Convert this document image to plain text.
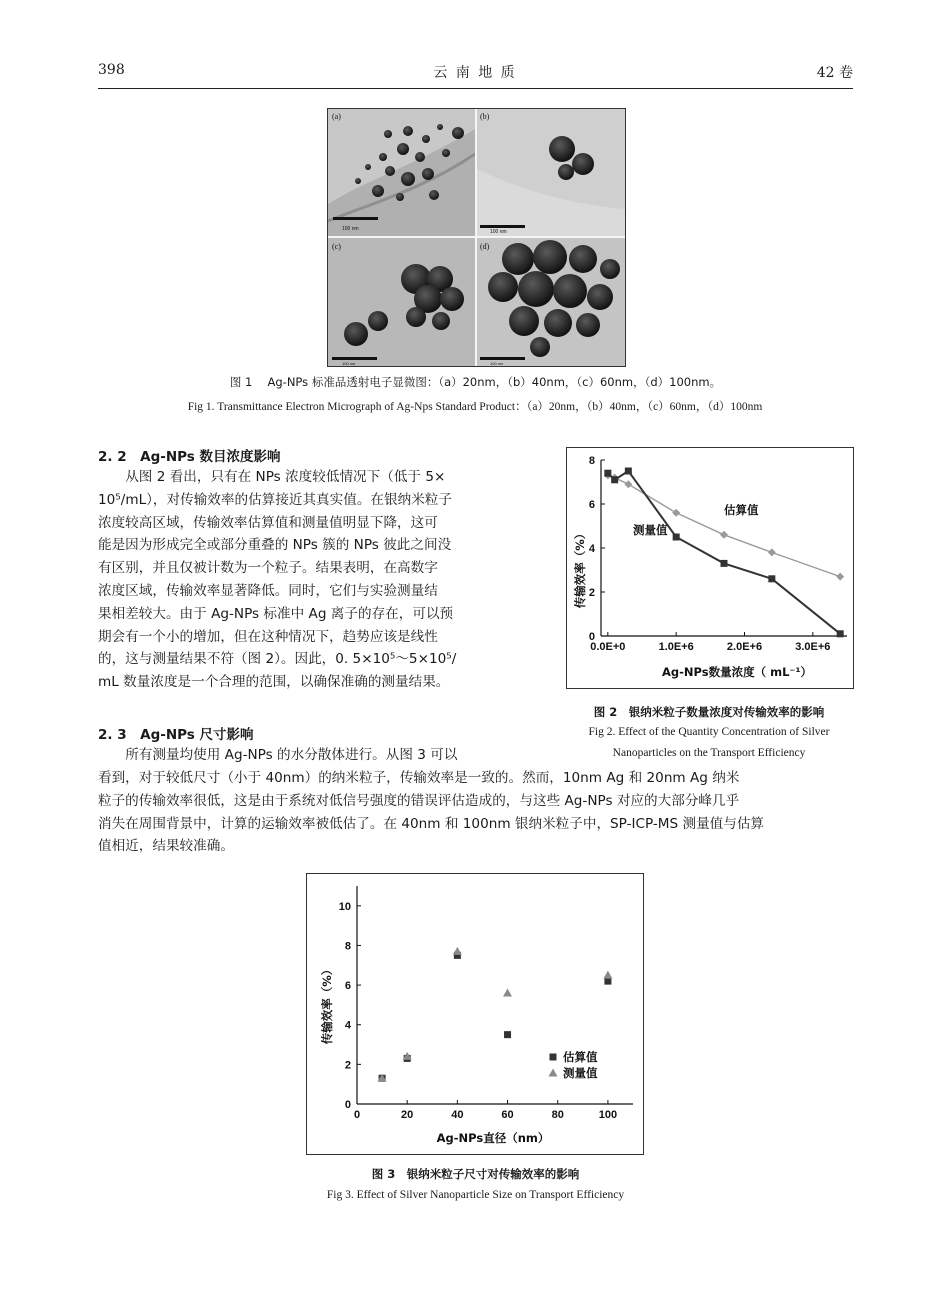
398	云 南 地 质	42 卷
100 nm
(a)
100 nm
(b)
100 nm
(c)
100 nm
(d)
图 1　 Ag-NPs 标准品透射电子显微图：（a）20nm，（b）40nm，（c）60nm，（d）100nm。
Fig 1. Transmittance Electron Micrograph of Ag-Nps Standard Product：（a）20nm，（b）40nm，（c）60nm，（d）100nm
2. 2　Ag-NPs 数目浓度影响
从图 2 看出，只有在 NPs 浓度较低情况下（低于 5×
10⁵/mL），对传输效率的估算接近其真实值。在银纳米粒子
浓度较高区域，传输效率估算值和测量值明显下降，这可
能是因为形成完全或部分重叠的 NPs 簇的 NPs 彼此之间没
有区别，并且仅被计数为一个粒子。结果表明，在高数字
浓度区域，传输效率显著降低。同时，它们与实验测量结
果相差较大。由于 Ag-NPs 标准中 Ag 离子的存在，可以预
期会有一个小的增加，但在这种情况下，趋势应该是线性
的，这与测量结果不符（图 2）。因此，0. 5×10⁵～5×10⁵/
mL 数量浓度是一个合理的范围，以确保准确的测量结果。
传输效率（%）
Ag-NPs数量浓度（ mL⁻¹）
估算值
测量值
0
2
4
6
8
0.0E+0	1.0E+6	2.0E+6	3.0E+6
图 2　银纳米粒子数量浓度对传输效率的影响
Fig 2. Effect of the Quantity Concentration of Silver
Nanoparticles on the Transport Efficiency
2. 3　Ag-NPs 尺寸影响
所有测量均使用 Ag-NPs 的水分散体进行。从图 3 可以
看到，对于较低尺寸（小于 40nm）的纳米粒子，传输效率是一致的。然而，10nm Ag 和 20nm Ag 纳米
粒子的传输效率很低，这是由于系统对低信号强度的错误评估造成的，与这些 Ag-NPs 对应的大部分峰几乎
消失在周围背景中，计算的运输效率被低估了。在 40nm 和 100nm 银纳米粒子中，SP-ICP-MS 测量值与估算
值相近，结果较准确。
传输效率（%）
Ag-NPs直径（nm）
0
2
4
6
8
10
0	20	40	60	80	100
估算值
测量值
图 3　银纳米粒子尺寸对传输效率的影响
Fig 3. Effect of Silver Nanoparticle Size on Transport Efficiency
